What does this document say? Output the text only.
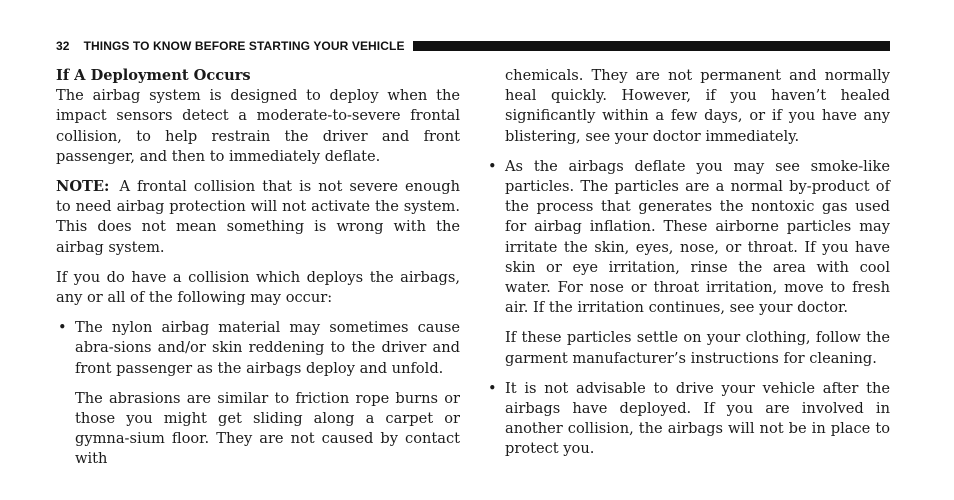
32 THINGS TO KNOW BEFORE STARTING YOUR VEHICLE

If A Deployment Occurs

The airbag system is designed to deploy when the impact sensors detect a moderate-to-severe frontal collision, to help restrain the driver and front passenger, and then to immediately deflate.

NOTE: A frontal collision that is not severe enough to need airbag protection will not activate the system. This does not mean something is wrong with the airbag system.

If you do have a collision which deploys the airbags, any or all of the following may occur:

• The nylon airbag material may sometimes cause abra-sions and/or skin reddening to the driver and front passenger as the airbags deploy and unfold.

The abrasions are similar to friction rope burns or those you might get sliding along a carpet or gymna-sium floor. They are not caused by contact with

chemicals. They are not permanent and normally heal quickly. However, if you haven’t healed significantly within a few days, or if you have any blistering, see your doctor immediately.

• As the airbags deflate you may see smoke-like particles. The particles are a normal by-product of the process that generates the nontoxic gas used for airbag inflation. These airborne particles may irritate the skin, eyes, nose, or throat. If you have skin or eye irritation, rinse the area with cool water. For nose or throat irritation, move to fresh air. If the irritation continues, see your doctor.

If these particles settle on your clothing, follow the garment manufacturer’s instructions for cleaning.

• It is not advisable to drive your vehicle after the airbags have deployed. If you are involved in another collision, the airbags will not be in place to protect you.
